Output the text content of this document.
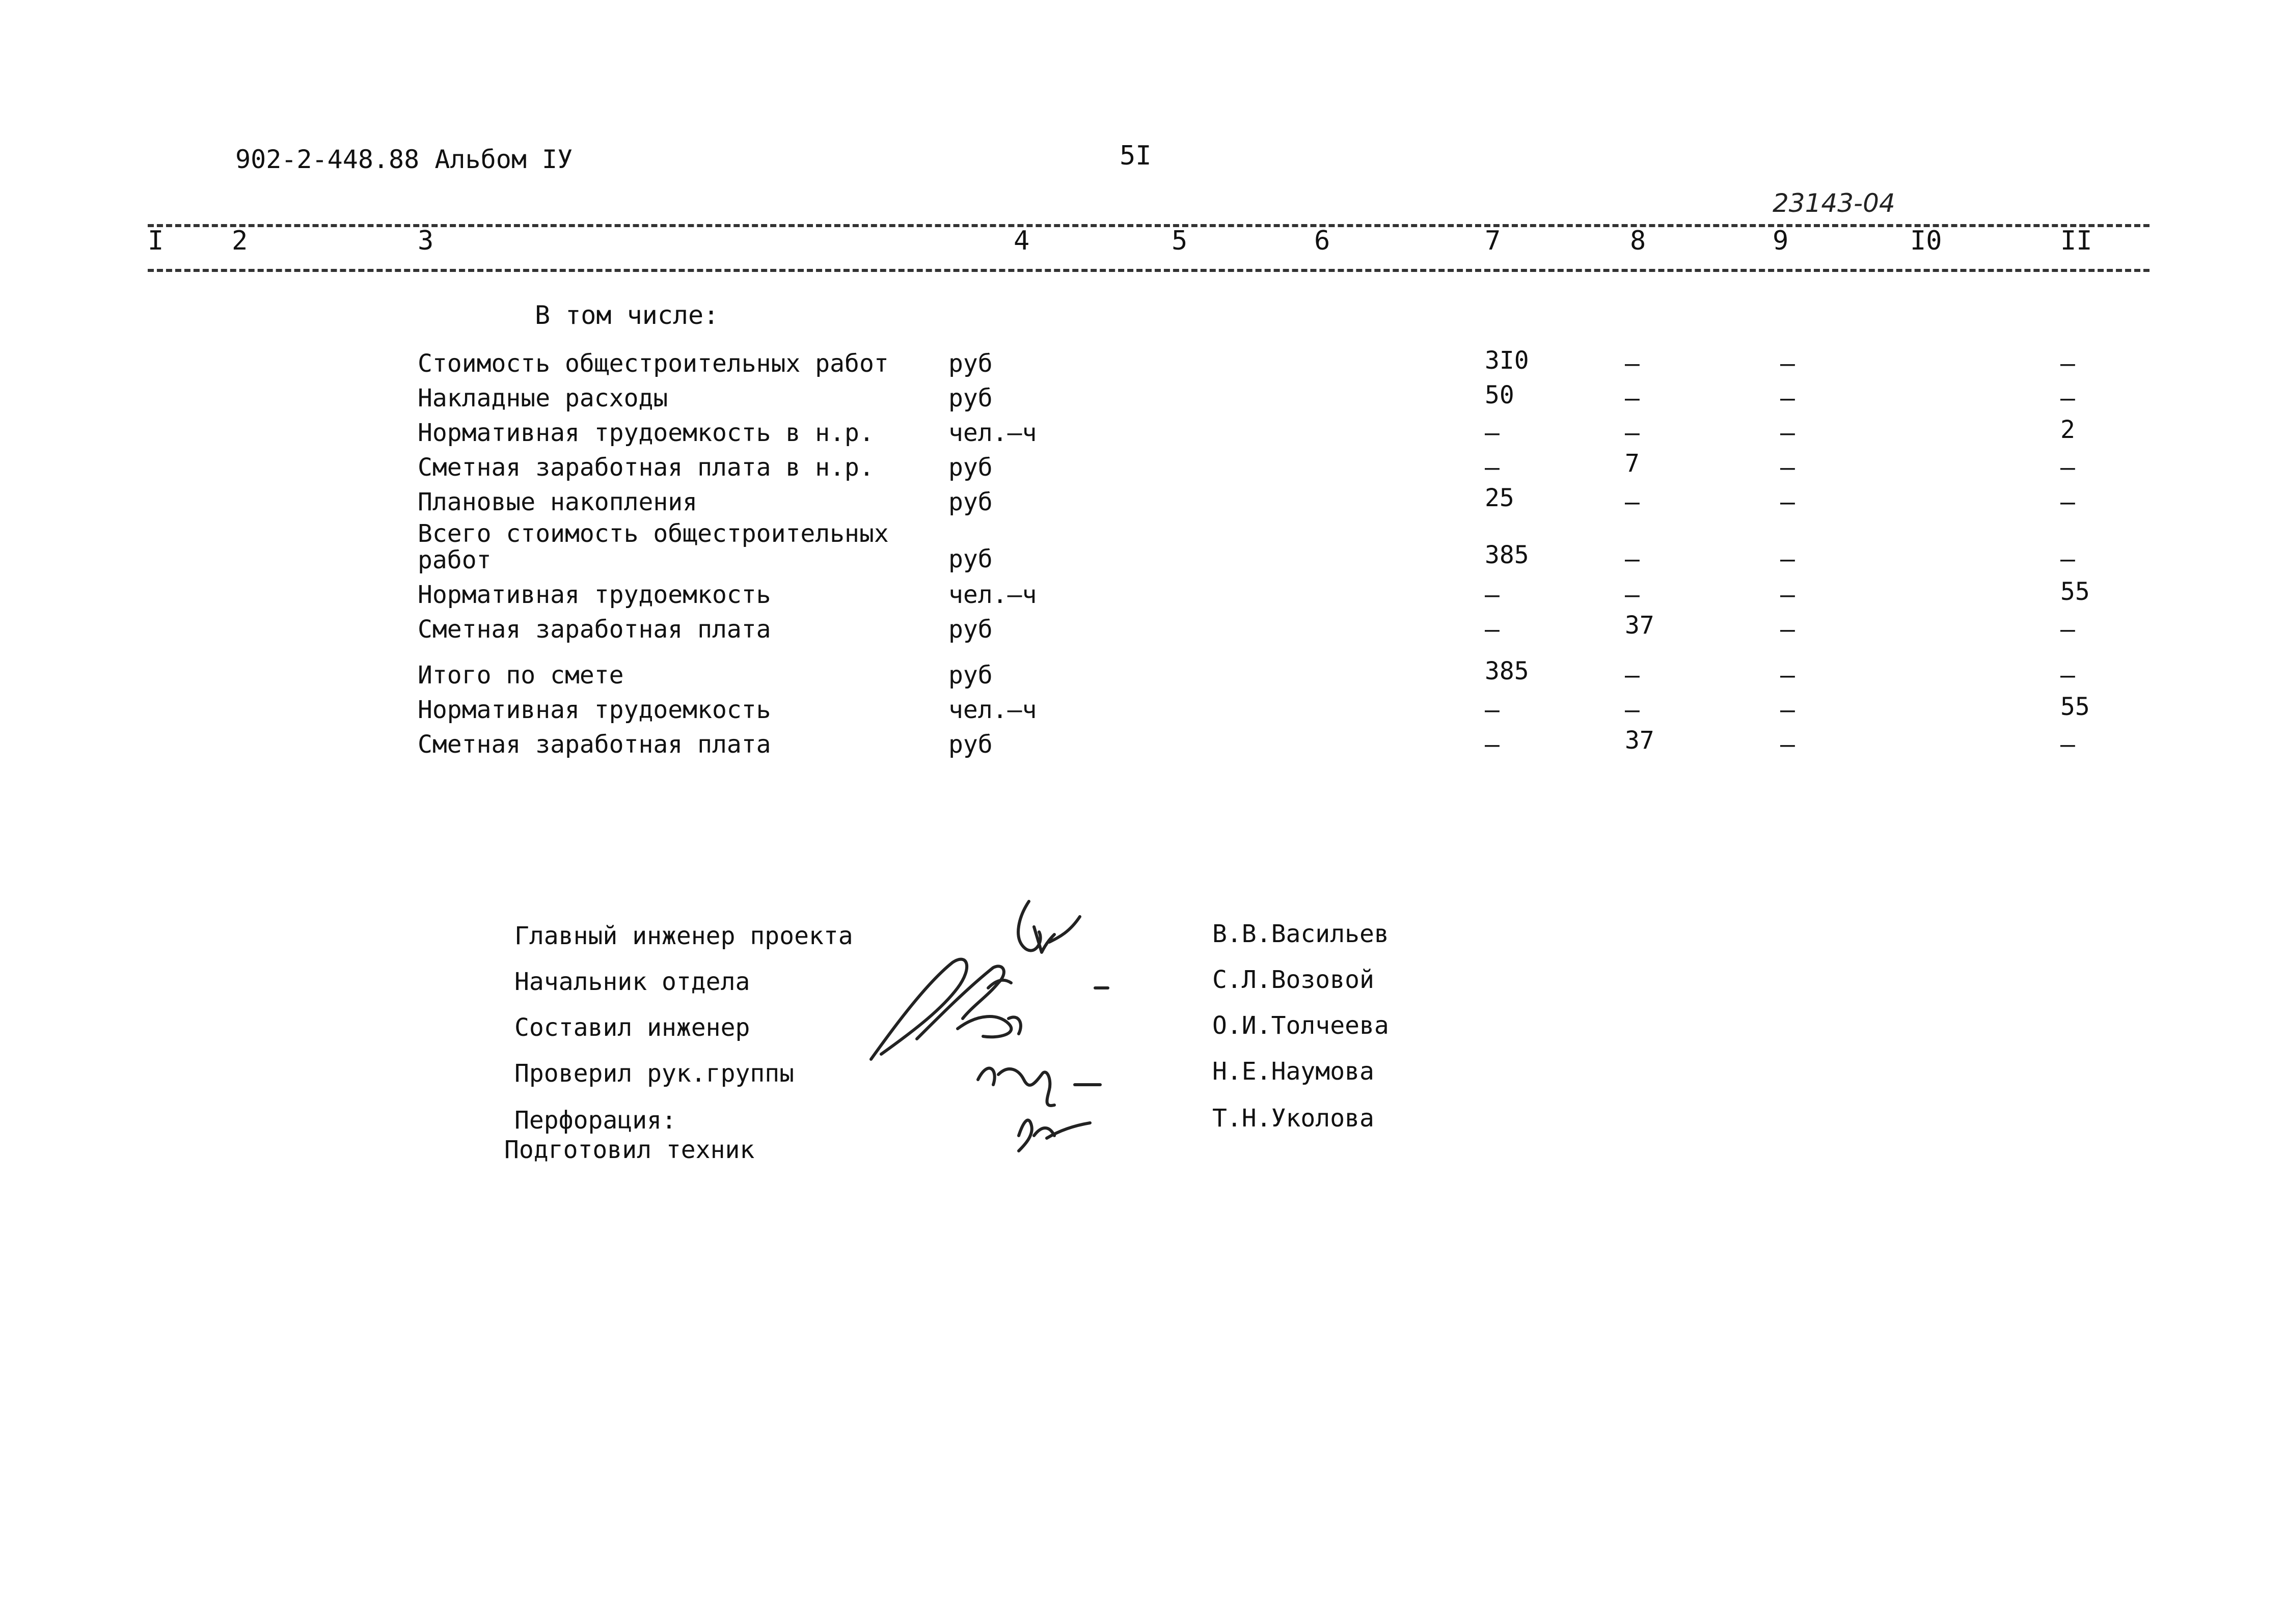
902-2-448.88 Альбом IУ	5I
23143-04
I	2	3	4	5	6	7	8	9	I0	II
В том числе:
Стоимость общестроительных работ руб	3I0	–	–	–
Накладные расходы	руб	50	–	–	–
Нормативная трудоемкость в н.р.	чел.–ч	–	–	–	2
Сметная заработная плата в н.р.	руб	–	7	–	–
Плановые накопления	руб	25	–	–	–
Всего стоимость общестроительных работ	руб	385	–	–	–
Нормативная трудоемкость	чел.–ч	–	–	–	55
Сметная заработная плата	руб	–	37	–	–
Итого по смете	руб	385	–	–	–
Нормативная трудоемкость	чел.–ч	–	–	–	55
Сметная заработная плата	руб	–	37	–	–
Главный инженер проекта	В.В.Васильев
Начальник отдела	С.Л.Возовой
Составил инженер	О.И.Толчеева
Проверил рук.группы	Н.Е.Наумова
Перфорация:	Т.Н.Уколова
Подготовил техник
